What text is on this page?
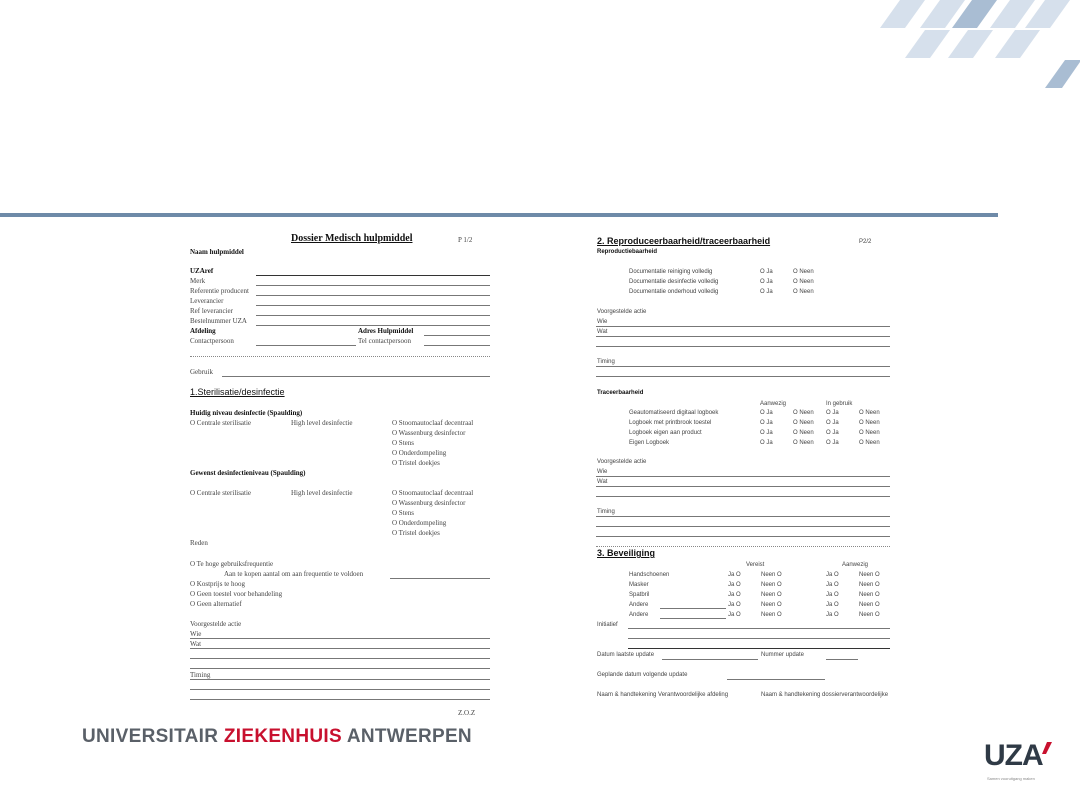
Dossier Medisch hulpmiddel	P 1/2
Naam hulpmiddel
UZAref
Merk
Referentie producent
Leverancier
Ref leverancier
Bestelnummer UZA
Afdeling	Adres Hulpmiddel
Contactpersoon	Tel contactpersoon
Gebruik
1.Sterilisatie/desinfectie
Huidig niveau desinfectie (Spaulding)
O Centrale sterilisatie	High level desinfectie	O Stoomautoclaaf decentraal
O Wassenburg desinfector
O Stens
O Onderdompeling
O Tristel doekjes
Gewenst desinfectieniveau (Spaulding)
O Centrale sterilisatie	High level desinfectie	O Stoomautoclaaf decentraal
O Wassenburg desinfector
O Stens
O Onderdompeling
O Tristel doekjes
Reden
O Te hoge gebruiksfrequentie
Aan te kopen aantal om aan frequentie te voldoen
O Kostprijs te hoog
O Geen toestel voor behandeling
O Geen alternatief
Voorgestelde actie
Wie
Wat
Timing
Z.O.Z
2. Reproduceerbaarheid/traceerbaarheid	P2/2
Reproductiebaarheid
Documentatie reiniging volledig	O Ja	O Neen
Documentatie desinfectie volledig	O Ja	O Neen
Documentatie onderhoud volledig	O Ja	O Neen
Voorgestelde actie
Wie
Wat
Timing
Traceerbaarheid
Aanwezig	In gebruik
Geautomatiseerd digitaal logboek	O Ja	O Neen O Ja	O Neen
Logboek met printbrook toestel	O Ja	O Neen O Ja	O Neen
Logboek eigen aan product	O Ja	O Neen O Ja	O Neen
Eigen Logboek	O Ja	O Neen O Ja	O Neen
Voorgestelde actie
Wie
Wat
Timing
3. Beveiliging
Vereist	Aanwezig
Handschoenen	Ja O	Neen O	Ja O	Neen O
Masker	Ja O	Neen O	Ja O	Neen O
Spatbril	Ja O	Neen O	Ja O	Neen O
Andere	Ja O	Neen O	Ja O	Neen O
Andere	Ja O	Neen O	Ja O	Neen O
Initiatief
Datum laatste update	Nummer update
Geplande datum volgende update
Naam & handtekening Verantwoordelijke afdeling	Naam & handtekening dossierverantwoordelijke
UNIVERSITAIR ZIEKENHUIS ANTWERPEN
UZA
Samen vooruitgang maken
